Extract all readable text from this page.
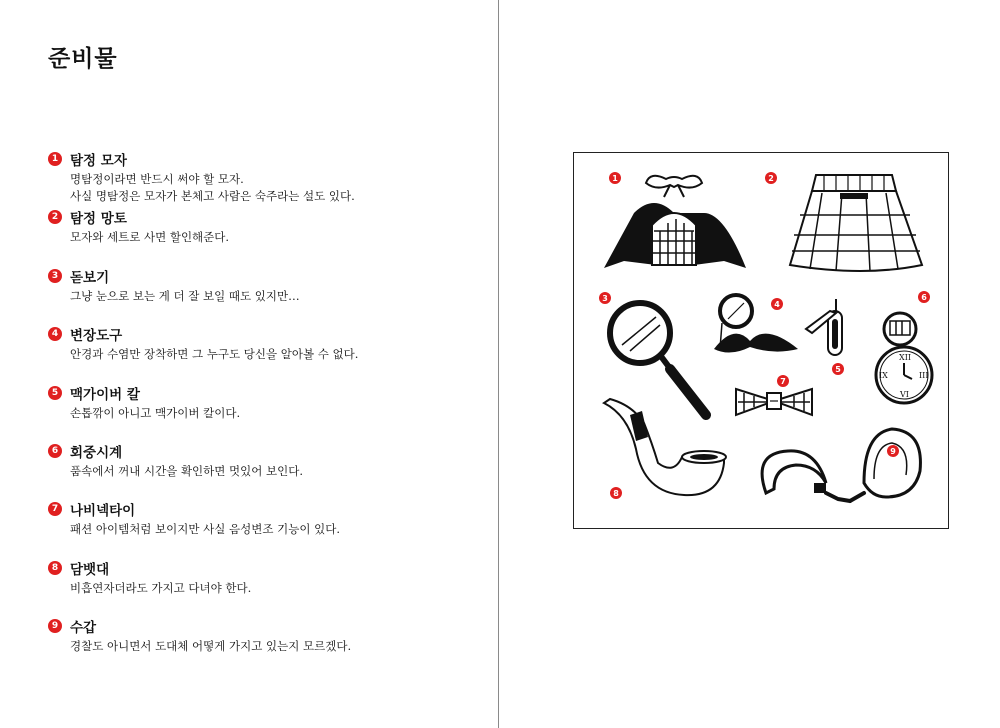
준비물
1 탐정 모자
명탐정이라면 반드시 써야 할 모자.
사실 명탐정은 모자가 본체고 사람은 숙주라는 설도 있다.
2 탐정 망토
모자와 세트로 사면 할인해준다.
3 돋보기
그냥 눈으로 보는 게 더 잘 보일 때도 있지만…
4 변장도구
안경과 수염만 장착하면 그 누구도 당신을 알아볼 수 없다.
5 맥가이버 칼
손톱깎이 아니고 맥가이버 칼이다.
6 회중시계
품속에서 꺼내 시간을 확인하면 멋있어 보인다.
7 나비넥타이
패션 아이템처럼 보이지만 사실 음성변조 기능이 있다.
8 담뱃대
비흡연자더라도 가지고 다녀야 한다.
9 수갑
경찰도 아니면서 도대체 어떻게 가지고 있는지 모르겠다.
XII
III
VI
IX
1	2
3
4
5
6
7
8
9
